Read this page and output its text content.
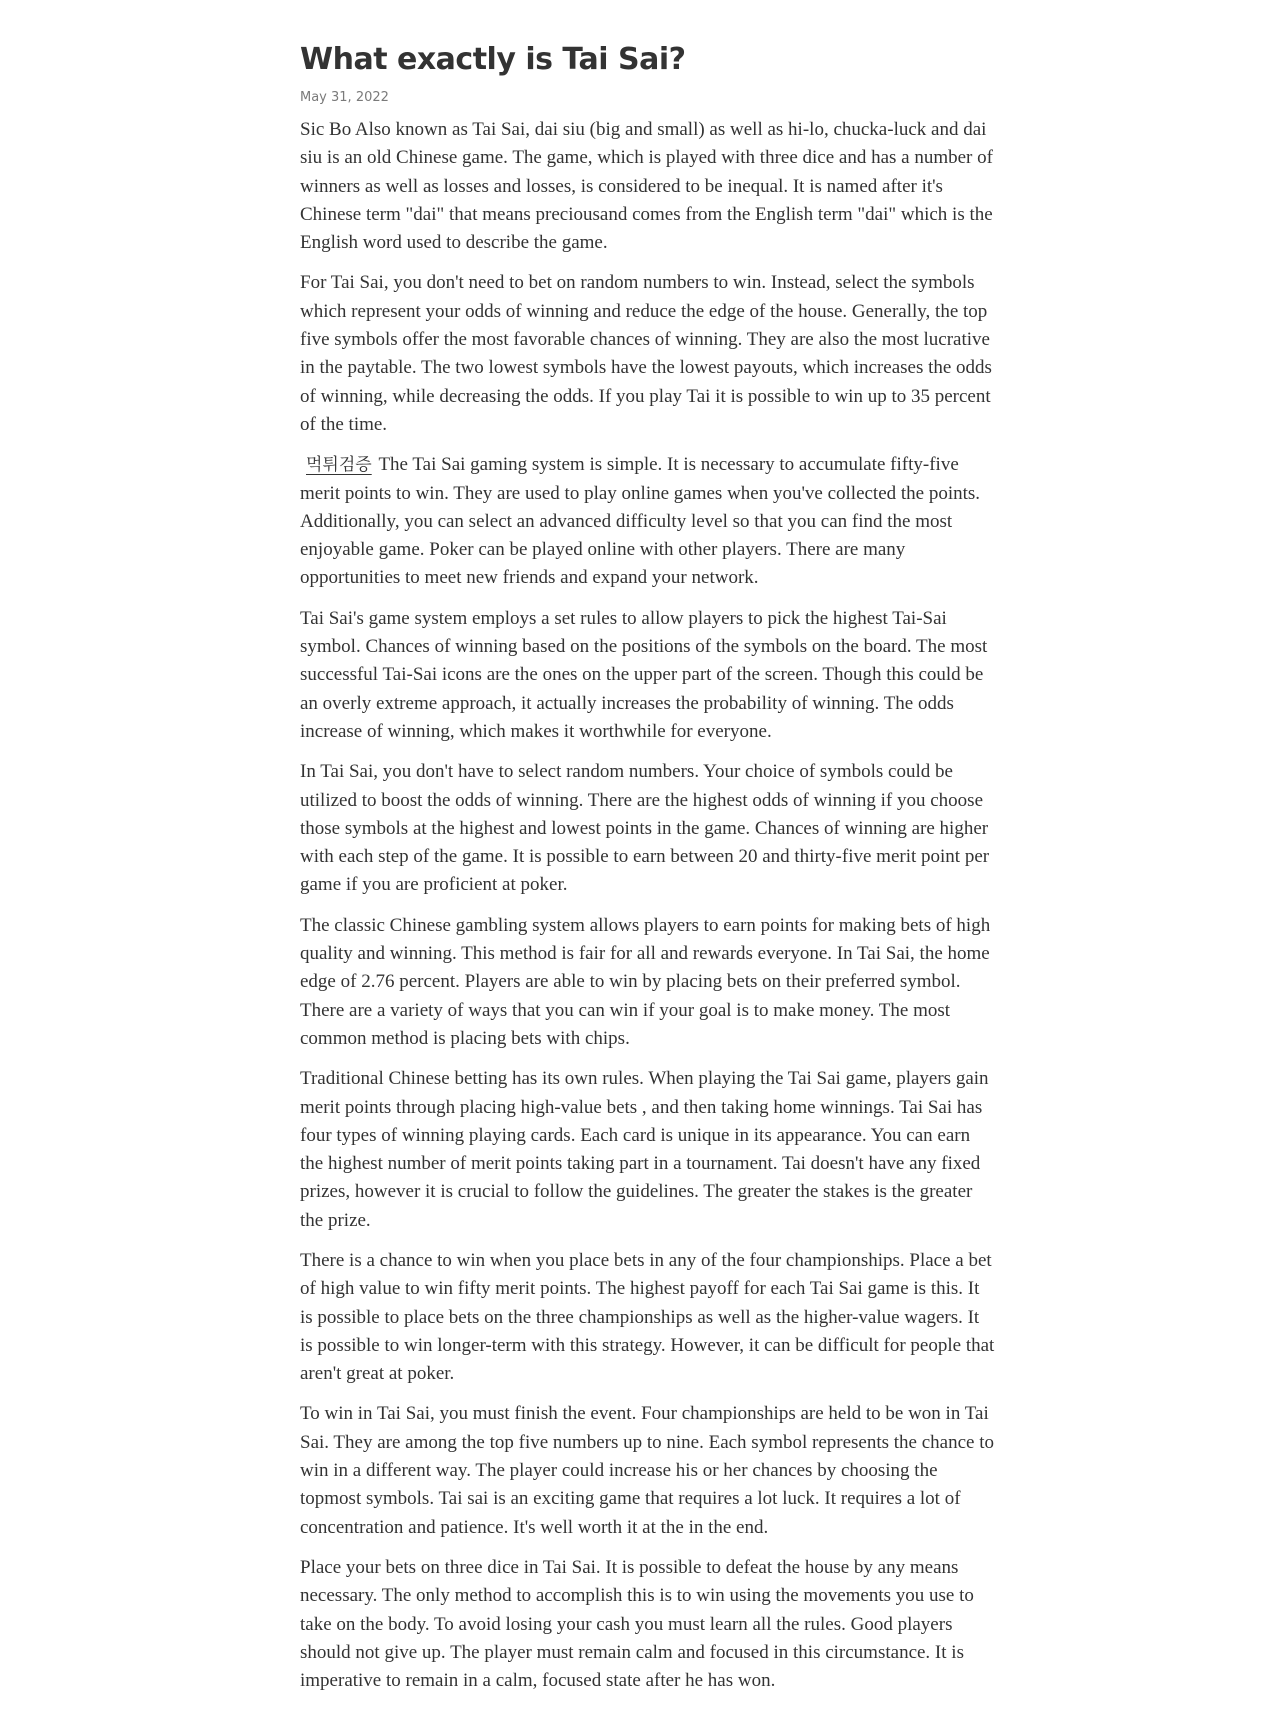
What exactly is Tai Sai?
May 31, 2022

Sic Bo Also known as Tai Sai, dai siu (big and small) as well as hi-lo, chucka-luck and dai siu is an old Chinese game. The game, which is played with three dice and has a number of winners as well as losses and losses, is considered to be inequal. It is named after it's Chinese term "dai" that means preciousand comes from the English term "dai" which is the English word used to describe the game.

For Tai Sai, you don't need to bet on random numbers to win. Instead, select the symbols which represent your odds of winning and reduce the edge of the house. Generally, the top five symbols offer the most favorable chances of winning. They are also the most lucrative in the paytable. The two lowest symbols have the lowest payouts, which increases the odds of winning, while decreasing the odds. If you play Tai it is possible to win up to 35 percent of the time.

먹튀검증 The Tai Sai gaming system is simple. It is necessary to accumulate fifty-five merit points to win. They are used to play online games when you've collected the points. Additionally, you can select an advanced difficulty level so that you can find the most enjoyable game. Poker can be played online with other players. There are many opportunities to meet new friends and expand your network.

Tai Sai's game system employs a set rules to allow players to pick the highest Tai-Sai symbol. Chances of winning based on the positions of the symbols on the board. The most successful Tai-Sai icons are the ones on the upper part of the screen. Though this could be an overly extreme approach, it actually increases the probability of winning. The odds increase of winning, which makes it worthwhile for everyone.

In Tai Sai, you don't have to select random numbers. Your choice of symbols could be utilized to boost the odds of winning. There are the highest odds of winning if you choose those symbols at the highest and lowest points in the game. Chances of winning are higher with each step of the game. It is possible to earn between 20 and thirty-five merit point per game if you are proficient at poker.

The classic Chinese gambling system allows players to earn points for making bets of high quality and winning. This method is fair for all and rewards everyone. In Tai Sai, the home edge of 2.76 percent. Players are able to win by placing bets on their preferred symbol. There are a variety of ways that you can win if your goal is to make money. The most common method is placing bets with chips.

Traditional Chinese betting has its own rules. When playing the Tai Sai game, players gain merit points through placing high-value bets , and then taking home winnings. Tai Sai has four types of winning playing cards. Each card is unique in its appearance. You can earn the highest number of merit points taking part in a tournament. Tai doesn't have any fixed prizes, however it is crucial to follow the guidelines. The greater the stakes is the greater the prize.

There is a chance to win when you place bets in any of the four championships. Place a bet of high value to win fifty merit points. The highest payoff for each Tai Sai game is this. It is possible to place bets on the three championships as well as the higher-value wagers. It is possible to win longer-term with this strategy. However, it can be difficult for people that aren't great at poker.

To win in Tai Sai, you must finish the event. Four championships are held to be won in Tai Sai. They are among the top five numbers up to nine. Each symbol represents the chance to win in a different way. The player could increase his or her chances by choosing the topmost symbols. Tai sai is an exciting game that requires a lot luck. It requires a lot of concentration and patience. It's well worth it at the in the end.

Place your bets on three dice in Tai Sai. It is possible to defeat the house by any means necessary. The only method to accomplish this is to win using the movements you use to take on the body. To avoid losing your cash you must learn all the rules. Good players should not give up. The player must remain calm and focused in this circumstance. It is imperative to remain in a calm, focused state after he has won.
